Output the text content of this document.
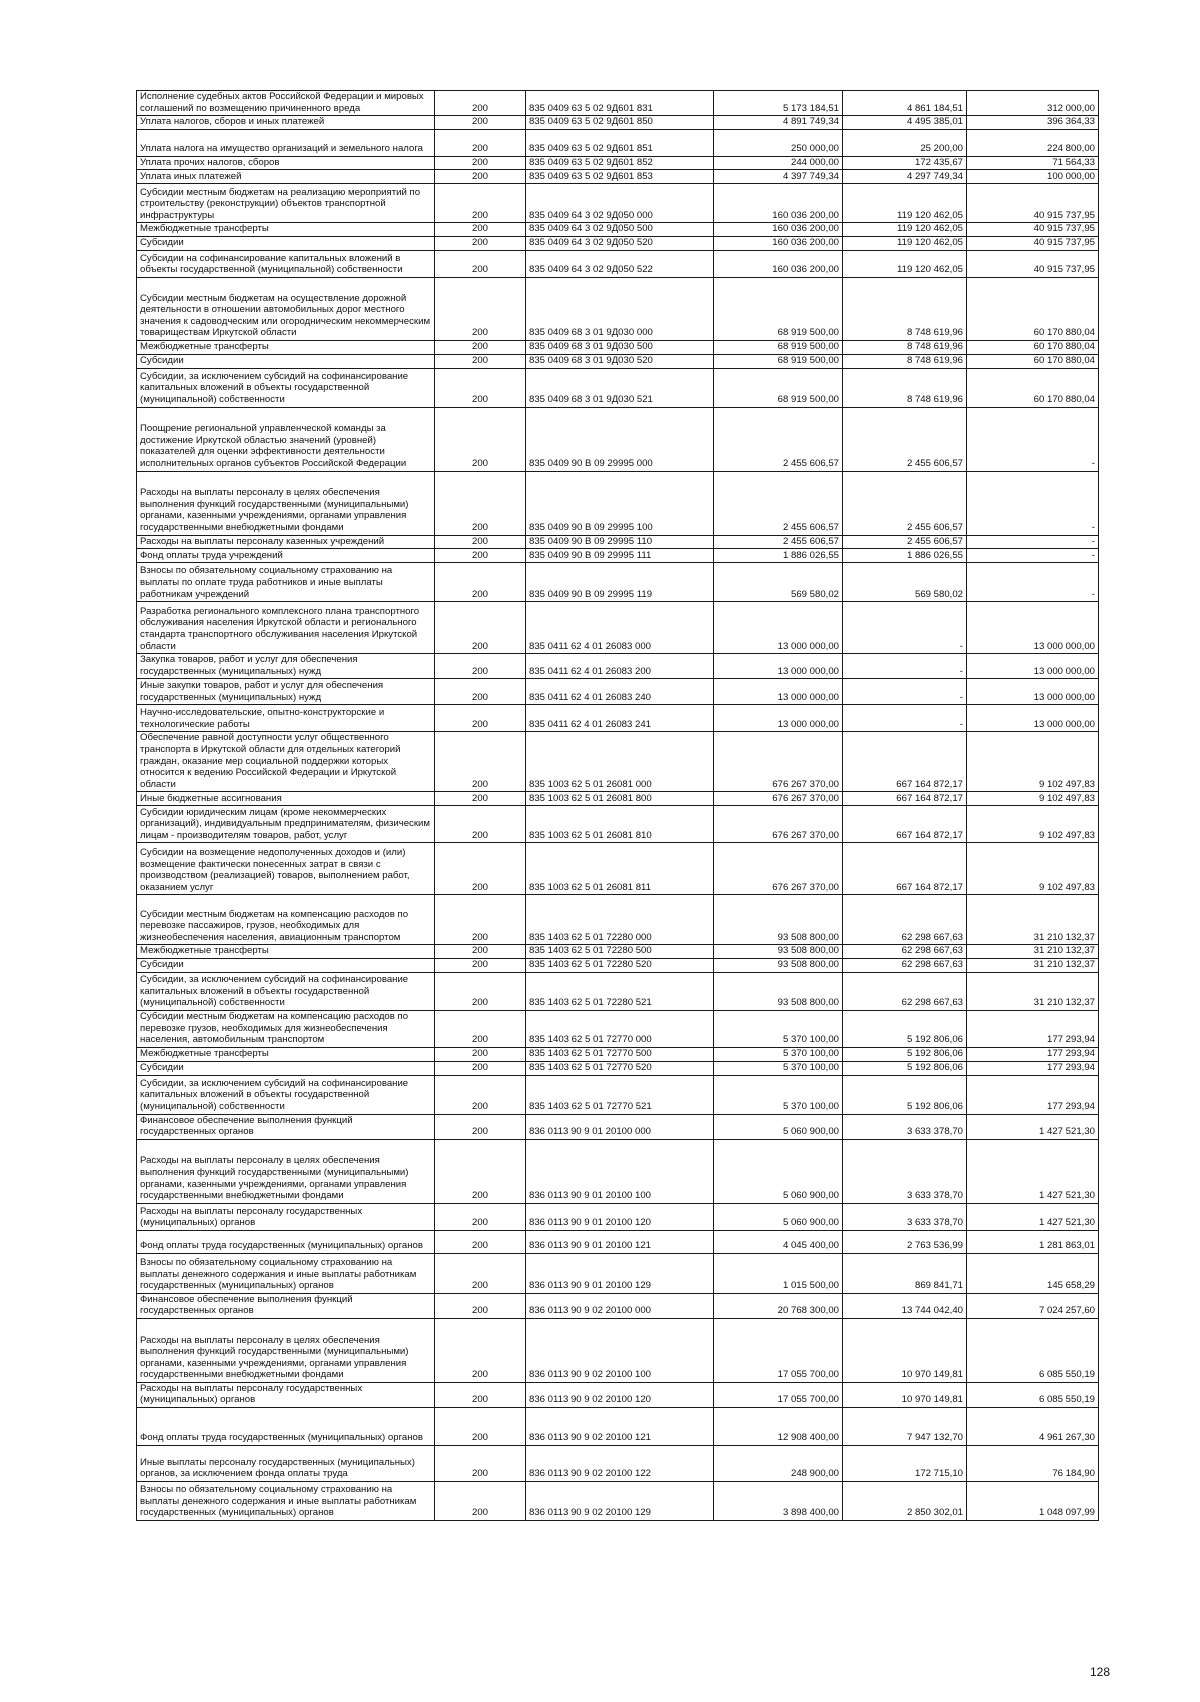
Исполнение судебных актов Российской Федерации и мировых соглашений по возмещению причиненного вреда	200	835 0409 63 5 02 9Д601 831	5 173 184,51	4 861 184,51	312 000,00
Уплата налогов, сборов и иных платежей	200	835 0409 63 5 02 9Д601 850	4 891 749,34	4 495 385,01	396 364,33
Уплата налога на имущество организаций и земельного налога	200	835 0409 63 5 02 9Д601 851	250 000,00	25 200,00	224 800,00
Уплата прочих налогов, сборов	200	835 0409 63 5 02 9Д601 852	244 000,00	172 435,67	71 564,33
Уплата иных платежей	200	835 0409 63 5 02 9Д601 853	4 397 749,34	4 297 749,34	100 000,00
Субсидии местным бюджетам на реализацию мероприятий по строительству (реконструкции) объектов транспортной инфраструктуры	200	835 0409 64 3 02 9Д050 000	160 036 200,00	119 120 462,05	40 915 737,95
Межбюджетные трансферты	200	835 0409 64 3 02 9Д050 500	160 036 200,00	119 120 462,05	40 915 737,95
Субсидии	200	835 0409 64 3 02 9Д050 520	160 036 200,00	119 120 462,05	40 915 737,95
Субсидии на софинансирование капитальных вложений в объекты государственной (муниципальной) собственности	200	835 0409 64 3 02 9Д050 522	160 036 200,00	119 120 462,05	40 915 737,95
Субсидии местным бюджетам на осуществление дорожной деятельности в отношении автомобильных дорог местного значения к садоводческим или огородническим некоммерческим товариществам Иркутской области	200	835 0409 68 3 01 9Д030 000	68 919 500,00	8 748 619,96	60 170 880,04
Межбюджетные трансферты	200	835 0409 68 3 01 9Д030 500	68 919 500,00	8 748 619,96	60 170 880,04
Субсидии	200	835 0409 68 3 01 9Д030 520	68 919 500,00	8 748 619,96	60 170 880,04
Субсидии, за исключением субсидий на софинансирование капитальных вложений в объекты государственной (муниципальной) собственности	200	835 0409 68 3 01 9Д030 521	68 919 500,00	8 748 619,96	60 170 880,04
Поощрение региональной управленческой команды за достижение Иркутской областью значений (уровней) показателей для оценки эффективности деятельности исполнительных органов субъектов Российской Федерации	200	835 0409 90 В 09 29995 000	2 455 606,57	2 455 606,57	-
Расходы на выплаты персоналу в целях обеспечения выполнения функций государственными (муниципальными) органами, казенными учреждениями, органами управления государственными внебюджетными фондами	200	835 0409 90 В 09 29995 100	2 455 606,57	2 455 606,57	-
Расходы на выплаты персоналу казенных учреждений	200	835 0409 90 В 09 29995 110	2 455 606,57	2 455 606,57	-
Фонд оплаты труда учреждений	200	835 0409 90 В 09 29995 111	1 886 026,55	1 886 026,55	-
Взносы по обязательному социальному страхованию на выплаты по оплате труда работников и иные выплаты работникам учреждений	200	835 0409 90 В 09 29995 119	569 580,02	569 580,02	-
Разработка регионального комплексного плана транспортного обслуживания населения Иркутской области и регионального стандарта транспортного обслуживания населения Иркутской области	200	835 0411 62 4 01 26083 000	13 000 000,00	-	13 000 000,00
Закупка товаров, работ и услуг для обеспечения государственных (муниципальных) нужд	200	835 0411 62 4 01 26083 200	13 000 000,00	-	13 000 000,00
Иные закупки товаров, работ и услуг для обеспечения государственных (муниципальных) нужд	200	835 0411 62 4 01 26083 240	13 000 000,00	-	13 000 000,00
Научно-исследовательские, опытно-конструкторские и технологические работы	200	835 0411 62 4 01 26083 241	13 000 000,00	-	13 000 000,00
Обеспечение равной доступности услуг общественного транспорта в Иркутской области для отдельных категорий граждан, оказание мер социальной поддержки которых относится к ведению Российской Федерации и Иркутской области	200	835 1003 62 5 01 26081 000	676 267 370,00	667 164 872,17	9 102 497,83
Иные бюджетные ассигнования	200	835 1003 62 5 01 26081 800	676 267 370,00	667 164 872,17	9 102 497,83
Субсидии юридическим лицам (кроме некоммерческих организаций), индивидуальным предпринимателям, физическим лицам - производителям товаров, работ, услуг	200	835 1003 62 5 01 26081 810	676 267 370,00	667 164 872,17	9 102 497,83
Субсидии на возмещение недополученных доходов и (или) возмещение фактически понесенных затрат в связи с производством (реализацией) товаров, выполнением работ, оказанием услуг	200	835 1003 62 5 01 26081 811	676 267 370,00	667 164 872,17	9 102 497,83
Субсидии местным бюджетам на компенсацию расходов по перевозке пассажиров, грузов, необходимых для жизнеобеспечения населения, авиационным транспортом	200	835 1403 62 5 01 72280 000	93 508 800,00	62 298 667,63	31 210 132,37
Межбюджетные трансферты	200	835 1403 62 5 01 72280 500	93 508 800,00	62 298 667,63	31 210 132,37
Субсидии	200	835 1403 62 5 01 72280 520	93 508 800,00	62 298 667,63	31 210 132,37
Субсидии, за исключением субсидий на софинансирование капитальных вложений в объекты государственной (муниципальной) собственности	200	835 1403 62 5 01 72280 521	93 508 800,00	62 298 667,63	31 210 132,37
Субсидии местным бюджетам на компенсацию расходов по перевозке грузов, необходимых для жизнеобеспечения населения, автомобильным транспортом	200	835 1403 62 5 01 72770 000	5 370 100,00	5 192 806,06	177 293,94
Межбюджетные трансферты	200	835 1403 62 5 01 72770 500	5 370 100,00	5 192 806,06	177 293,94
Субсидии	200	835 1403 62 5 01 72770 520	5 370 100,00	5 192 806,06	177 293,94
Субсидии, за исключением субсидий на софинансирование капитальных вложений в объекты государственной (муниципальной) собственности	200	835 1403 62 5 01 72770 521	5 370 100,00	5 192 806,06	177 293,94
Финансовое обеспечение выполнения функций государственных органов	200	836 0113 90 9 01 20100 000	5 060 900,00	3 633 378,70	1 427 521,30
Расходы на выплаты персоналу в целях обеспечения выполнения функций государственными (муниципальными) органами, казенными учреждениями, органами управления государственными внебюджетными фондами	200	836 0113 90 9 01 20100 100	5 060 900,00	3 633 378,70	1 427 521,30
Расходы на выплаты персоналу государственных (муниципальных) органов	200	836 0113 90 9 01 20100 120	5 060 900,00	3 633 378,70	1 427 521,30
Фонд оплаты труда государственных (муниципальных) органов	200	836 0113 90 9 01 20100 121	4 045 400,00	2 763 536,99	1 281 863,01
Взносы по обязательному социальному страхованию на выплаты денежного содержания и иные выплаты работникам государственных (муниципальных) органов	200	836 0113 90 9 01 20100 129	1 015 500,00	869 841,71	145 658,29
Финансовое обеспечение выполнения функций государственных органов	200	836 0113 90 9 02 20100 000	20 768 300,00	13 744 042,40	7 024 257,60
Расходы на выплаты персоналу в целях обеспечения выполнения функций государственными (муниципальными) органами, казенными учреждениями, органами управления государственными внебюджетными фондами	200	836 0113 90 9 02 20100 100	17 055 700,00	10 970 149,81	6 085 550,19
Расходы на выплаты персоналу государственных (муниципальных) органов	200	836 0113 90 9 02 20100 120	17 055 700,00	10 970 149,81	6 085 550,19
Фонд оплаты труда государственных (муниципальных) органов	200	836 0113 90 9 02 20100 121	12 908 400,00	7 947 132,70	4 961 267,30
Иные выплаты персоналу государственных (муниципальных) органов, за исключением фонда оплаты труда	200	836 0113 90 9 02 20100 122	248 900,00	172 715,10	76 184,90
Взносы по обязательному социальному страхованию на выплаты денежного содержания и иные выплаты работникам государственных (муниципальных) органов	200	836 0113 90 9 02 20100 129	3 898 400,00	2 850 302,01	1 048 097,99
128
